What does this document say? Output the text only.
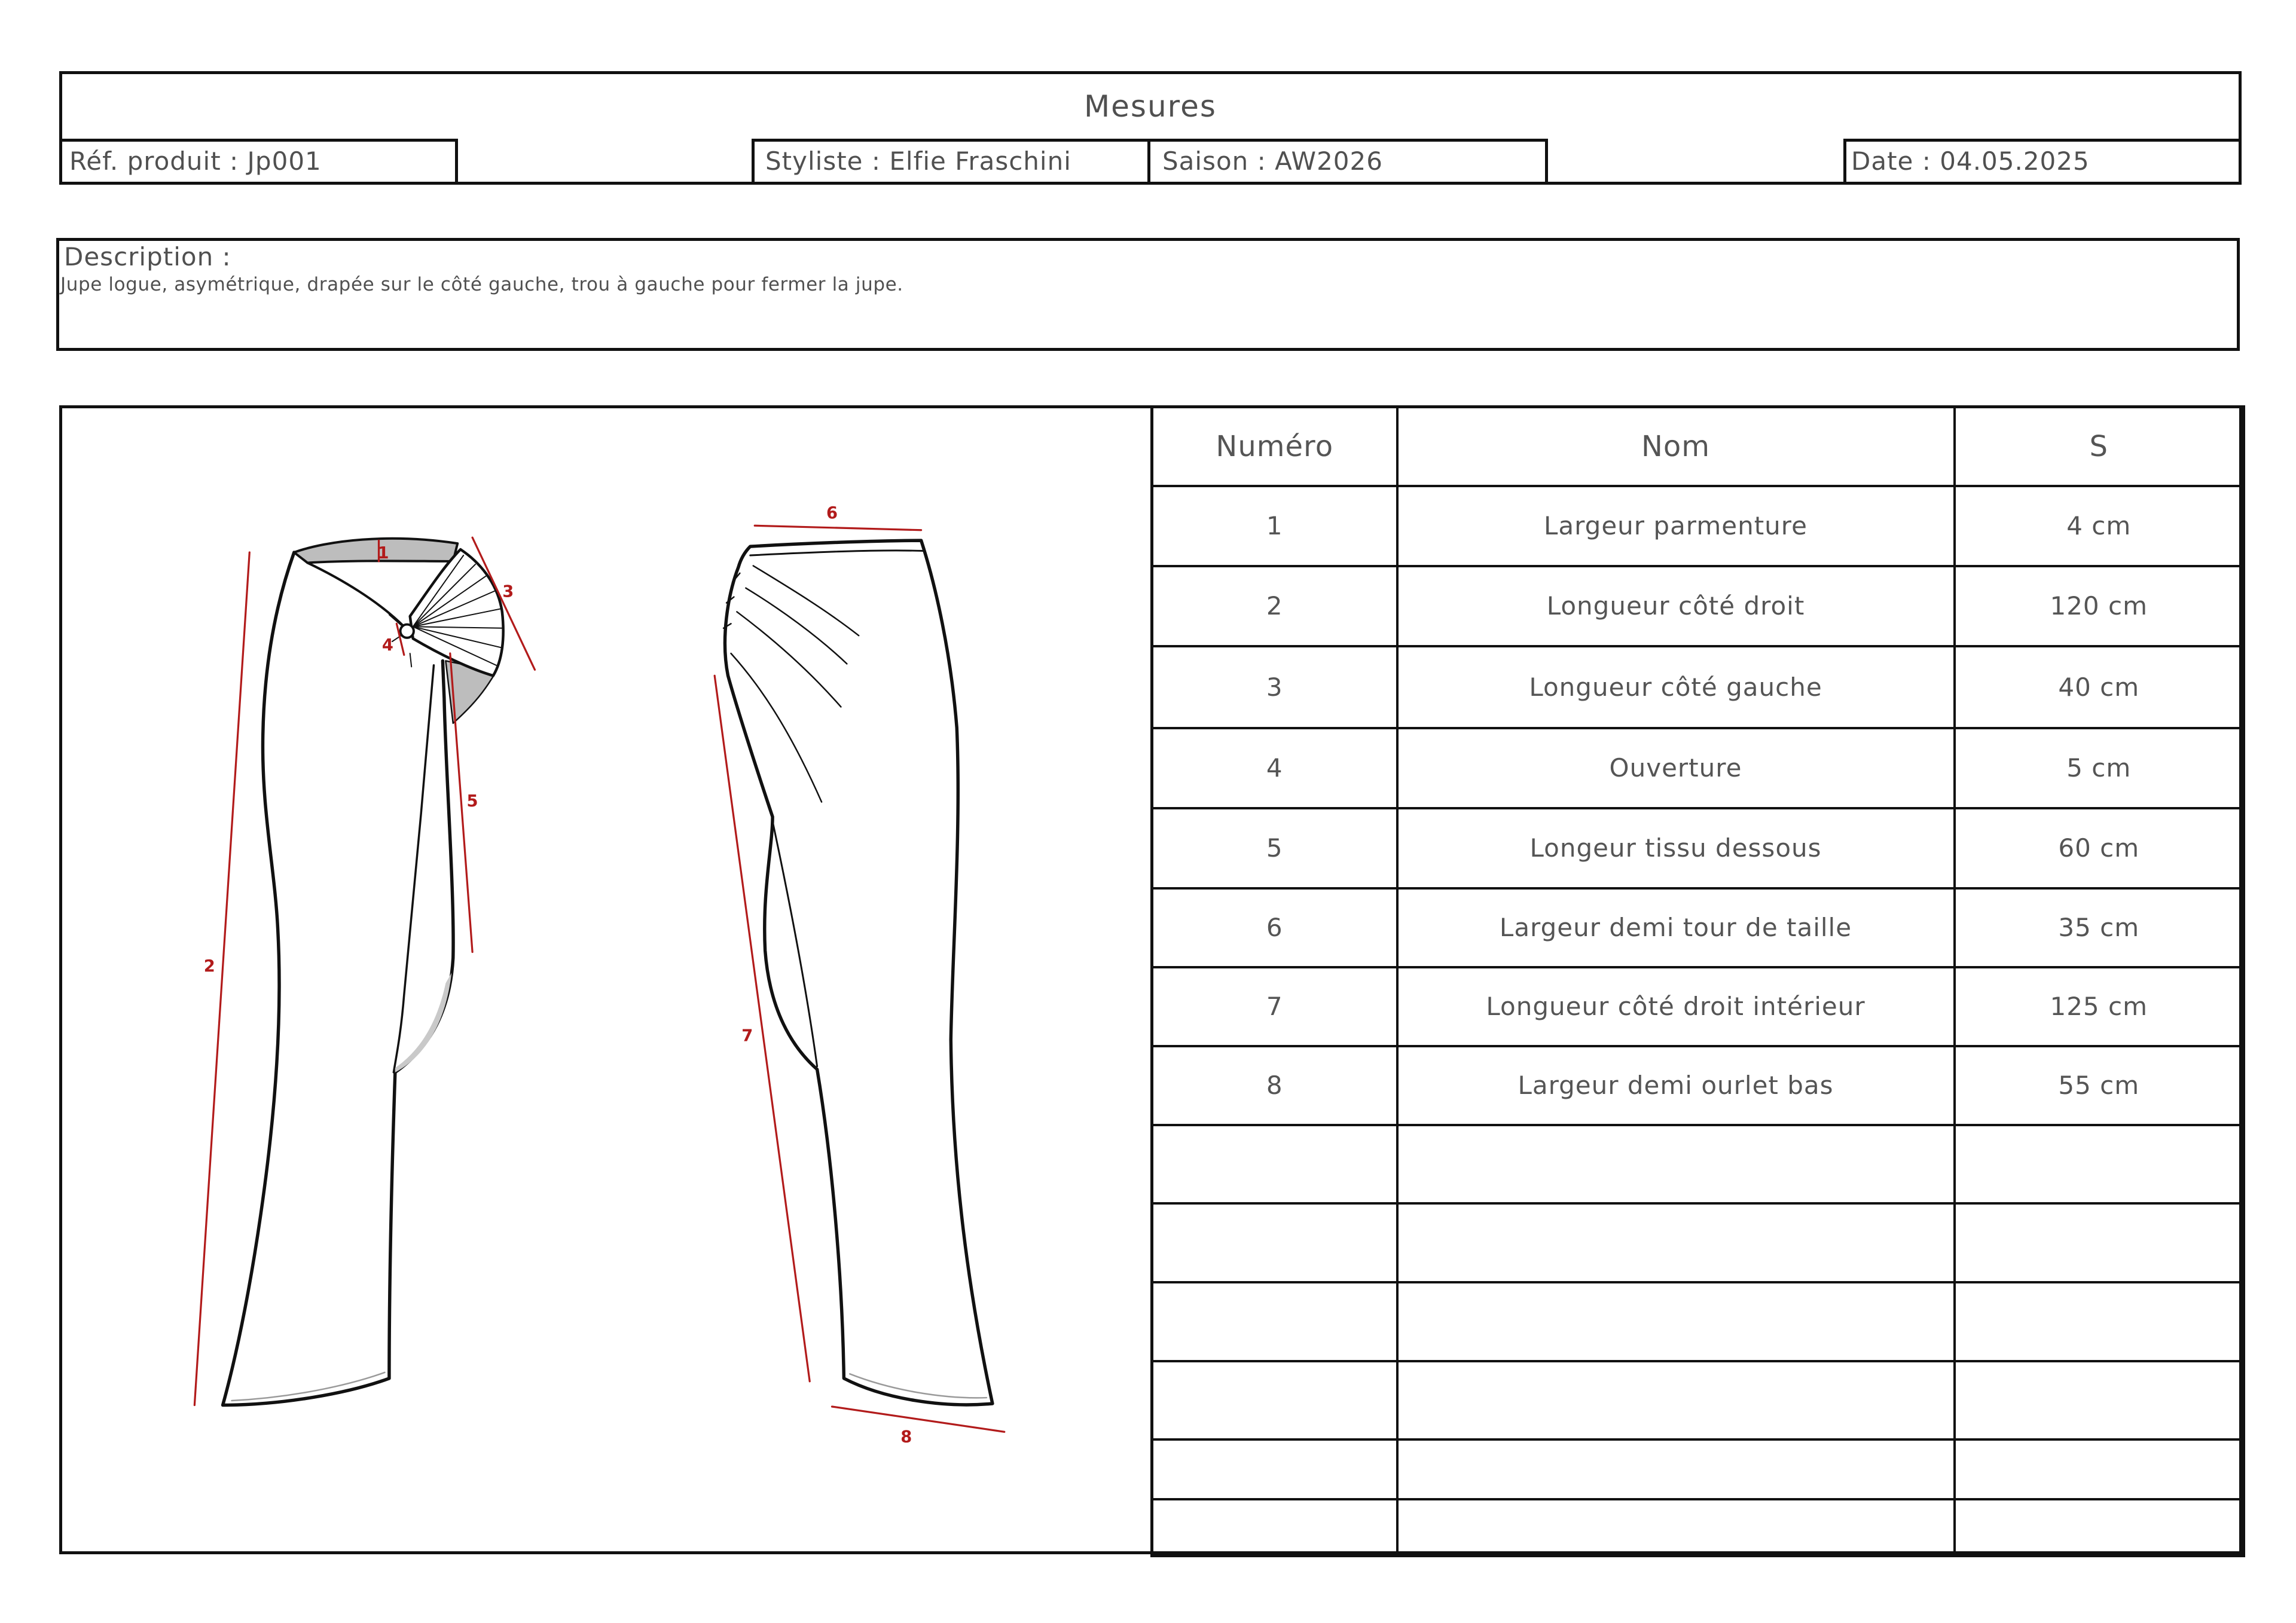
Mesures
Réf. produit : Jp001	Styliste : Elfie Fraschini	Saison : AW2026	Date : 04.05.2025
Description :
Jupe logue, asymétrique, drapée sur le côté gauche, trou à gauche pour fermer la jupe.
1
2
3
4
5
6
7
8
Numéro	Nom	S
1	Largeur parmenture	4 cm
2	Longueur côté droit	120 cm
3	Longueur côté gauche	40 cm
4	Ouverture	5 cm
5	Longeur tissu dessous	60 cm
6	Largeur demi tour de taille	35 cm
7	Longueur côté droit intérieur	125 cm
8	Largeur demi ourlet bas	55 cm
